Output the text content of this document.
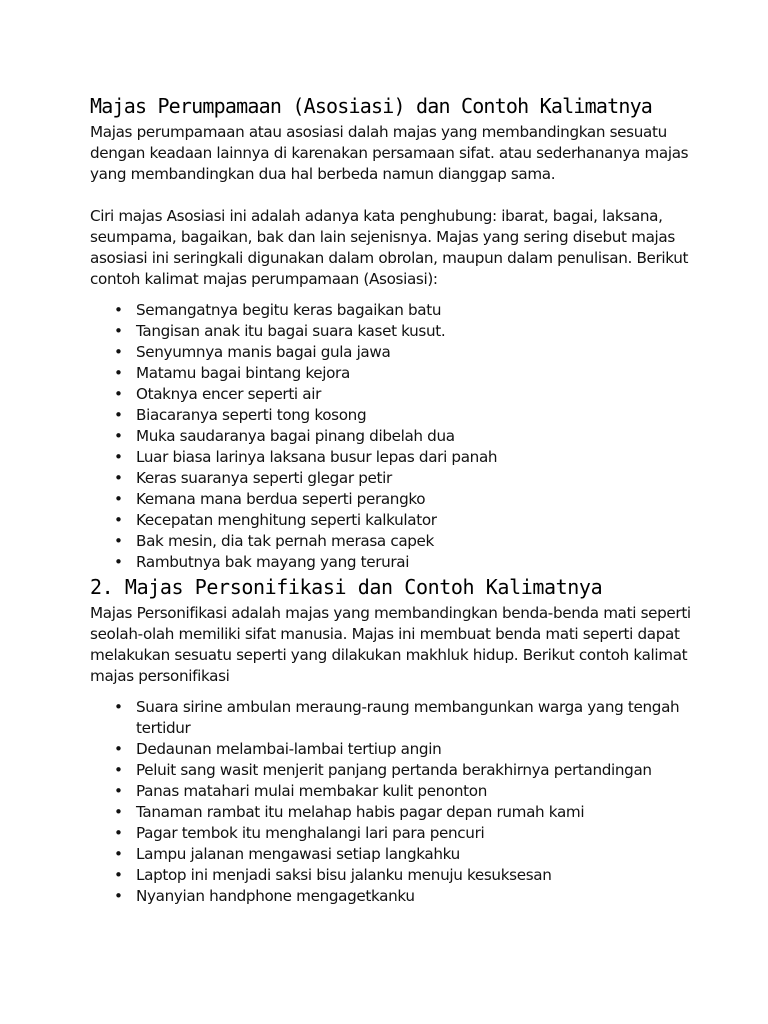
Majas Perumpamaan (Asosiasi) dan Contoh Kalimatnya

Majas perumpamaan atau asosiasi dalah majas yang membandingkan sesuatu dengan keadaan lainnya di karenakan persamaan sifat. atau sederhananya majas yang membandingkan dua hal berbeda namun dianggap sama.

Ciri majas Asosiasi ini adalah adanya kata penghubung: ibarat, bagai, laksana, seumpama, bagaikan, bak dan lain sejenisnya. Majas yang sering disebut majas asosiasi ini seringkali digunakan dalam obrolan, maupun dalam penulisan. Berikut contoh kalimat majas perumpamaan (Asosiasi):

• Semangatnya begitu keras bagaikan batu
• Tangisan anak itu bagai suara kaset kusut.
• Senyumnya manis bagai gula jawa
• Matamu bagai bintang kejora
• Otaknya encer seperti air
• Biacaranya seperti tong kosong
• Muka saudaranya bagai pinang dibelah dua
• Luar biasa larinya laksana busur lepas dari panah
• Keras suaranya seperti glegar petir
• Kemana mana berdua seperti perangko
• Kecepatan menghitung seperti kalkulator
• Bak mesin, dia tak pernah merasa capek
• Rambutnya bak mayang yang terurai
2. Majas Personifikasi dan Contoh Kalimatnya

Majas Personifikasi adalah majas yang membandingkan benda-benda mati seperti seolah-olah memiliki sifat manusia. Majas ini membuat benda mati seperti dapat melakukan sesuatu seperti yang dilakukan makhluk hidup. Berikut contoh kalimat majas personifikasi

• Suara sirine ambulan meraung-raung membangunkan warga yang tengah tertidur
• Dedaunan melambai-lambai tertiup angin
• Peluit sang wasit menjerit panjang pertanda berakhirnya pertandingan
• Panas matahari mulai membakar kulit penonton
• Tanaman rambat itu melahap habis pagar depan rumah kami
• Pagar tembok itu menghalangi lari para pencuri
• Lampu jalanan mengawasi setiap langkahku
• Laptop ini menjadi saksi bisu jalanku menuju kesuksesan
• Nyanyian handphone mengagetkanku
